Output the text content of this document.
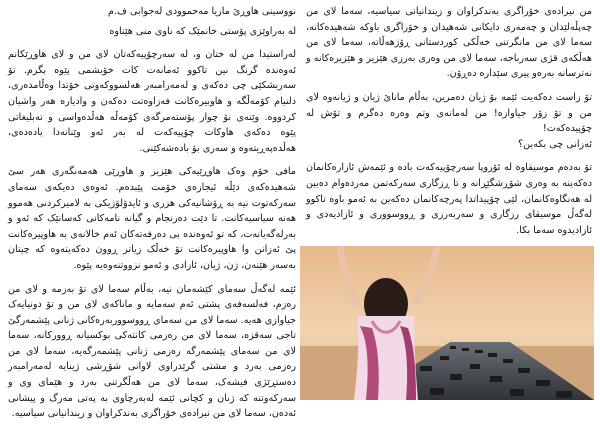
نووسینی هاوڕێ ماریا مەحموودی لەجوابی ف.م

لە بەراوێزی پۆستی خانمێک کە ناوی منی هێناوە

لەراستیدا من لە ختان و، لە سەرچۆپیەکەتان لای من و لای هاوڕێکانم ئەوەندە گرنگ نین تاکوو ئەمانەت کات خۆبشمی پێوە بگرم. تۆ سەربشکێی چی دەکەی و لەمەرامبەر هەلسووکەوتی خۆتدا وەڵامدەری، دلنیام کۆمەڵگە و هاوبیرەکانت فەزاوەتت دەکەن و وادیارە هەر واشیان کردووە. وێنەی نۆ چوار پۆستەمرگەی کۆمەڵە هەڵدەواسی و تەبلیغاتی پێوە دەکەی هاوکات چۆپیەکەت لە بەر ئەو وێنانەدا بادەدەی، هەڵدەپەڕیتەوە و سەری بۆ بادەشەکێنی.

مافی خۆم وەک هاوڕێیەکی هێزیر و هاوڕێی هەمەنگەری هەر سێ شەهیدەکەی دێڵە ئیجازەی خۆمت پێبدەم. ئەوەی دەیکەی سەمای سەرکەتوت نیە بە ڕۆشانیەکی هزری و ئایدۆلۆژیکی بە لامیرکردنی هەموو هەنە سیاسیەکانت. تا دێت دەرنجام و گیانە نامەکانی کەسانێک کە ئەو و بەرلەگەیانەت، کە تو ئەوەندە بی دەرفەتەکان ئەم خالانەی بە هاوپیرەکانت پێ ئەزانن وا هاوپیرەکانت تۆ خەڵک زیاتر ڕوون دەکەیتەوە کە چیتان بەسەر هێنەن، ژن، ژیان، ئازادی و ئەمو نزووتنەوەیە پێوە.

ئێمە لەگەڵ سەمای کێشەمان نیە، بەڵام سەما لای تۆ بەزمە و لای من رەزم، فەلسەفەی پشتی ئەم سەمایە و ماناکەی لای من و تۆ دونیایەک جیاوازی هەیە. سەما لای من سەمای ڕووسووربەرەکانی ژنانی پێشمەرگێ تاجی سەقزە، سەما لای من رەزمی کانتەکی بوکسیانە ڕوورکانە، سەما لای من سەمای پێشمەرگە رەزمی ژنانی پێشمەرگەیە، سەما لای من رەزمی بەرد و مشتی گرێدراوی لاوانی شۆڕشی ژینایە لەمەرامبەر دەستڕێژی فیشەک، سەما لای من هەڵگرتنی بەرد و هێمای وی و سەرکەوتنە کە ژنان و کچانی ئێمە لەبەرچاوی بە پەتی مەرگ و پیشانی ئەدەن، سەما لای من نیرادەی خۆراگری بەندکراوان و زیندانیانی سیاسیە.

من نیرادەی خۆراگری بەندکراوان و زیندانیانی سیاسیە، سەما لای من چەپڵەلێدان و چەمەری دایکانی شەهیدان و خۆراگری باوکە شەهیدەکانە، سەما لای من مانگرتنی خەڵکی کوردستانی ڕۆژهەڵاتە، سەما لای من هەڵکەی قژی سەرباجە، سەما لای من وەری بەرزی هێزیر و هێزیرەکانە و نەترسانە بەرەو پیری سێدارە دەڕۆن.

تۆ زاست دەکەیت ئێمە بۆ ژیان دەمرین، بەڵام ماناێ ژیان و ژیانەوە لای من و تۆ زۆر جیاوازە! من لەمانەی وتم وەرە دەگرم و تۆش لە چۆپیدەکەت!
ئەزانی چی بکەین؟

تۆ بەدەم موسیقاوە لە ئۆروپا سەرچۆپیەکەت بادە و ئێمەش ئازارەکانمان دەکەینە بە وەری شۆڕشگێڕانە و تا ڕزگاری سەرکەتمن مەردەوام دەبین لە هەنگاوەکانمان، لێی چۆپیداتدا پەرچەکانمان دەکەین بە ئەمو باوە تاکوو لەگەڵ موسیقای رزگاری و سەربەرزی و ڕووسووری و ئازادیەدی و ئازادیدوە سەما بکا.
